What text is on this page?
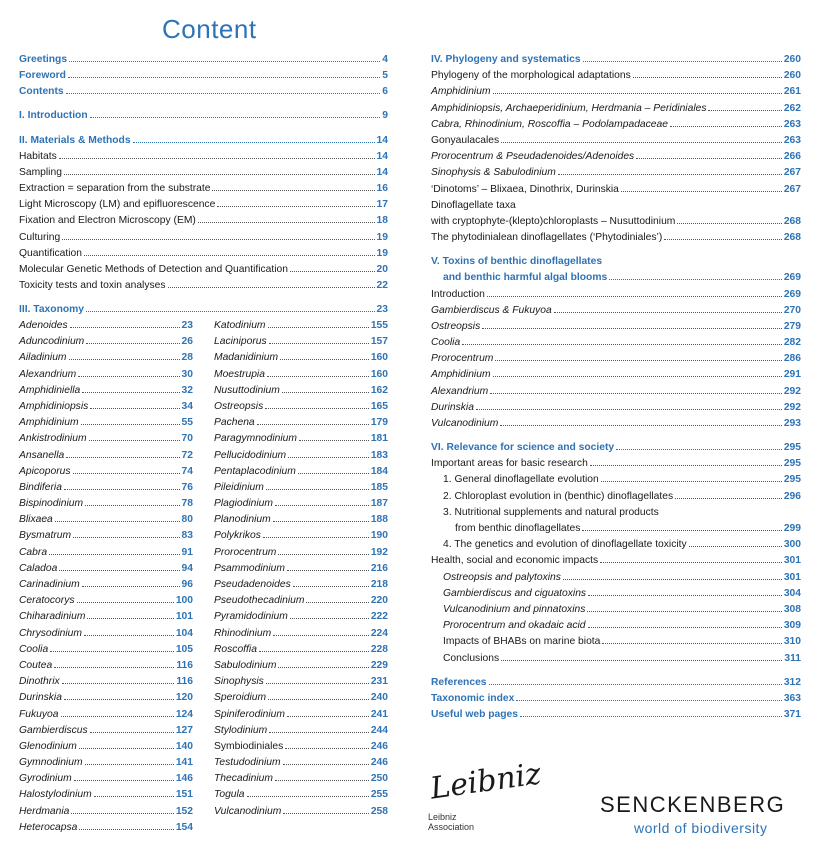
Content
Greetings	4
Foreword	5
Contents	6
I. Introduction	9
II. Materials & Methods	14
Habitats	14
Sampling	14
Extraction = separation from the substrate	16
Light Microscopy (LM) and epifluorescence	17
Fixation and Electron Microscopy (EM)	18
Culturing	19
Quantification	19
Molecular Genetic Methods of Detection and Quantification	20
Toxicity tests and toxin analyses	22
III. Taxonomy	23
Adenoides	23
Aduncodinium	26
Ailadinium	28
Alexandrium	30
Amphidiniella	32
Amphidiniopsis	34
Amphidinium	55
Ankistrodinium	70
Ansanella	72
Apicoporus	74
Bindiferia	76
Bispinodinium	78
Blixaea	80
Bysmatrum	83
Cabra	91
Caladoa	94
Carinadinium	96
Ceratocorys	100
Chiharadinium	101
Chrysodinium	104
Coolia	105
Coutea	116
Dinothrix	116
Durinskia	120
Fukuyoa	124
Gambierdiscus	127
Glenodinium	140
Gymnodinium	141
Gyrodinium	146
Halostylodinium	151
Herdmania	152
Heterocapsa	154
Katodinium	155
Laciniporus	157
Madanidinium	160
Moestrupia	160
Nusuttodinium	162
Ostreopsis	165
Pachena	179
Paragymnodinium	181
Pellucidodinium	183
Pentaplacodinium	184
Pileidinium	185
Plagiodinium	187
Planodinium	188
Polykrikos	190
Prorocentrum	192
Psammodinium	216
Pseudadenoides	218
Pseudothecadinium	220
Pyramidodinium	222
Rhinodinium	224
Roscoffia	228
Sabulodinium	229
Sinophysis	231
Speroidium	240
Spiniferodinium	241
Stylodinium	244
Symbiodiniales	246
Testudodinium	246
Thecadinium	250
Togula	255
Vulcanodinium	258
IV. Phylogeny and systematics	260
Phylogeny of the morphological adaptations	260
Amphidinium	261
Amphidiniopsis, Archaeperidinium, Herdmania – Peridiniales	262
Cabra, Rhinodinium, Roscoffia – Podolampadaceae	263
Gonyaulacales	263
Prorocentrum & Pseudadenoides/Adenoides	266
Sinophysis & Sabulodinium	267
‘Dinotoms’ – Blixaea, Dinothrix, Durinskia	267
Dinoflagellate taxa
with cryptophyte-(klepto)chloroplasts – Nusuttodinium	268
The phytodinialean dinoflagellates (‘Phytodiniales’)	268
V. Toxins of benthic dinoflagellates
and benthic harmful algal blooms	269
Introduction	269
Gambierdiscus & Fukuyoa	270
Ostreopsis	279
Coolia	282
Prorocentrum	286
Amphidinium	291
Alexandrium	292
Durinskia	292
Vulcanodinium	293
VI. Relevance for science and society	295
Important areas for basic research	295
1. General dinoflagellate evolution	295
2. Chloroplast evolution in (benthic) dinoflagellates	296
3. Nutritional supplements and natural products
from benthic dinoflagellates	299
4. The genetics and evolution of dinoflagellate toxicity	300
Health, social and economic impacts	301
Ostreopsis and palytoxins	301
Gambierdiscus and ciguatoxins	304
Vulcanodinium and pinnatoxins	308
Prorocentrum and okadaic acid	309
Impacts of BHABs on marine biota	310
Conclusions	311
References	312
Taxonomic index	363
Useful web pages	371
Leibniz
Leibniz
Association
SENCKENBERG
world of biodiversity
